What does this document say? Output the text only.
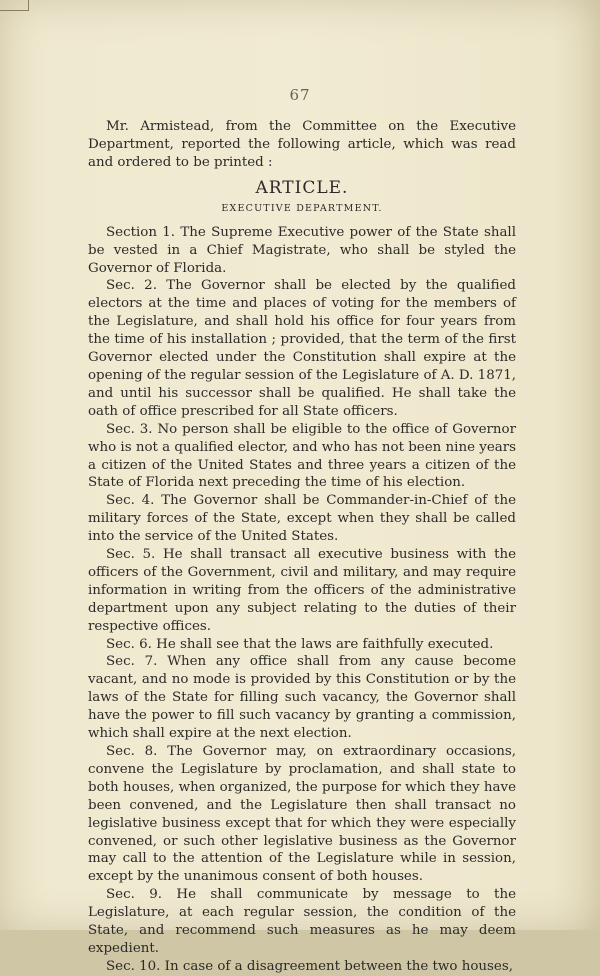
67

Mr. Armistead, from the Committee on the Executive Department, reported the following article, which was read and ordered to be printed :

ARTICLE.
EXECUTIVE DEPARTMENT.

Section 1. The Supreme Executive power of the State shall be vested in a Chief Magistrate, who shall be styled the Governor of Florida.

Sec. 2. The Governor shall be elected by the qualified electors at the time and places of voting for the members of the Legislature, and shall hold his office for four years from the time of his installation ; provided, that the term of the first Governor elected under the Constitution shall expire at the opening of the regular session of the Legislature of A. D. 1871, and until his successor shall be qualified. He shall take the oath of office prescribed for all State officers.

Sec. 3. No person shall be eligible to the office of Governor who is not a qualified elector, and who has not been nine years a citizen of the United States and three years a citizen of the State of Florida next preceding the time of his election.

Sec. 4. The Governor shall be Commander-in-Chief of the military forces of the State, except when they shall be called into the service of the United States.

Sec. 5. He shall transact all executive business with the officers of the Government, civil and military, and may require information in writing from the officers of the administrative department upon any subject relating to the duties of their respective offices.

Sec. 6. He shall see that the laws are faithfully executed.

Sec. 7. When any office shall from any cause become vacant, and no mode is provided by this Constitution or by the laws of the State for filling such vacancy, the Governor shall have the power to fill such vacancy by granting a commission, which shall expire at the next election.

Sec. 8. The Governor may, on extraordinary occasions, convene the Legislature by proclamation, and shall state to both houses, when organized, the purpose for which they have been convened, and the Legislature then shall transact no legislative business except that for which they were especially convened, or such other legislative business as the Governor may call to the attention of the Legislature while in session, except by the unanimous consent of both houses.

Sec. 9. He shall communicate by message to the Legislature, at each regular session, the condition of the State, and recommend such measures as he may deem expedient.

Sec. 10. In case of a disagreement between the two houses,
